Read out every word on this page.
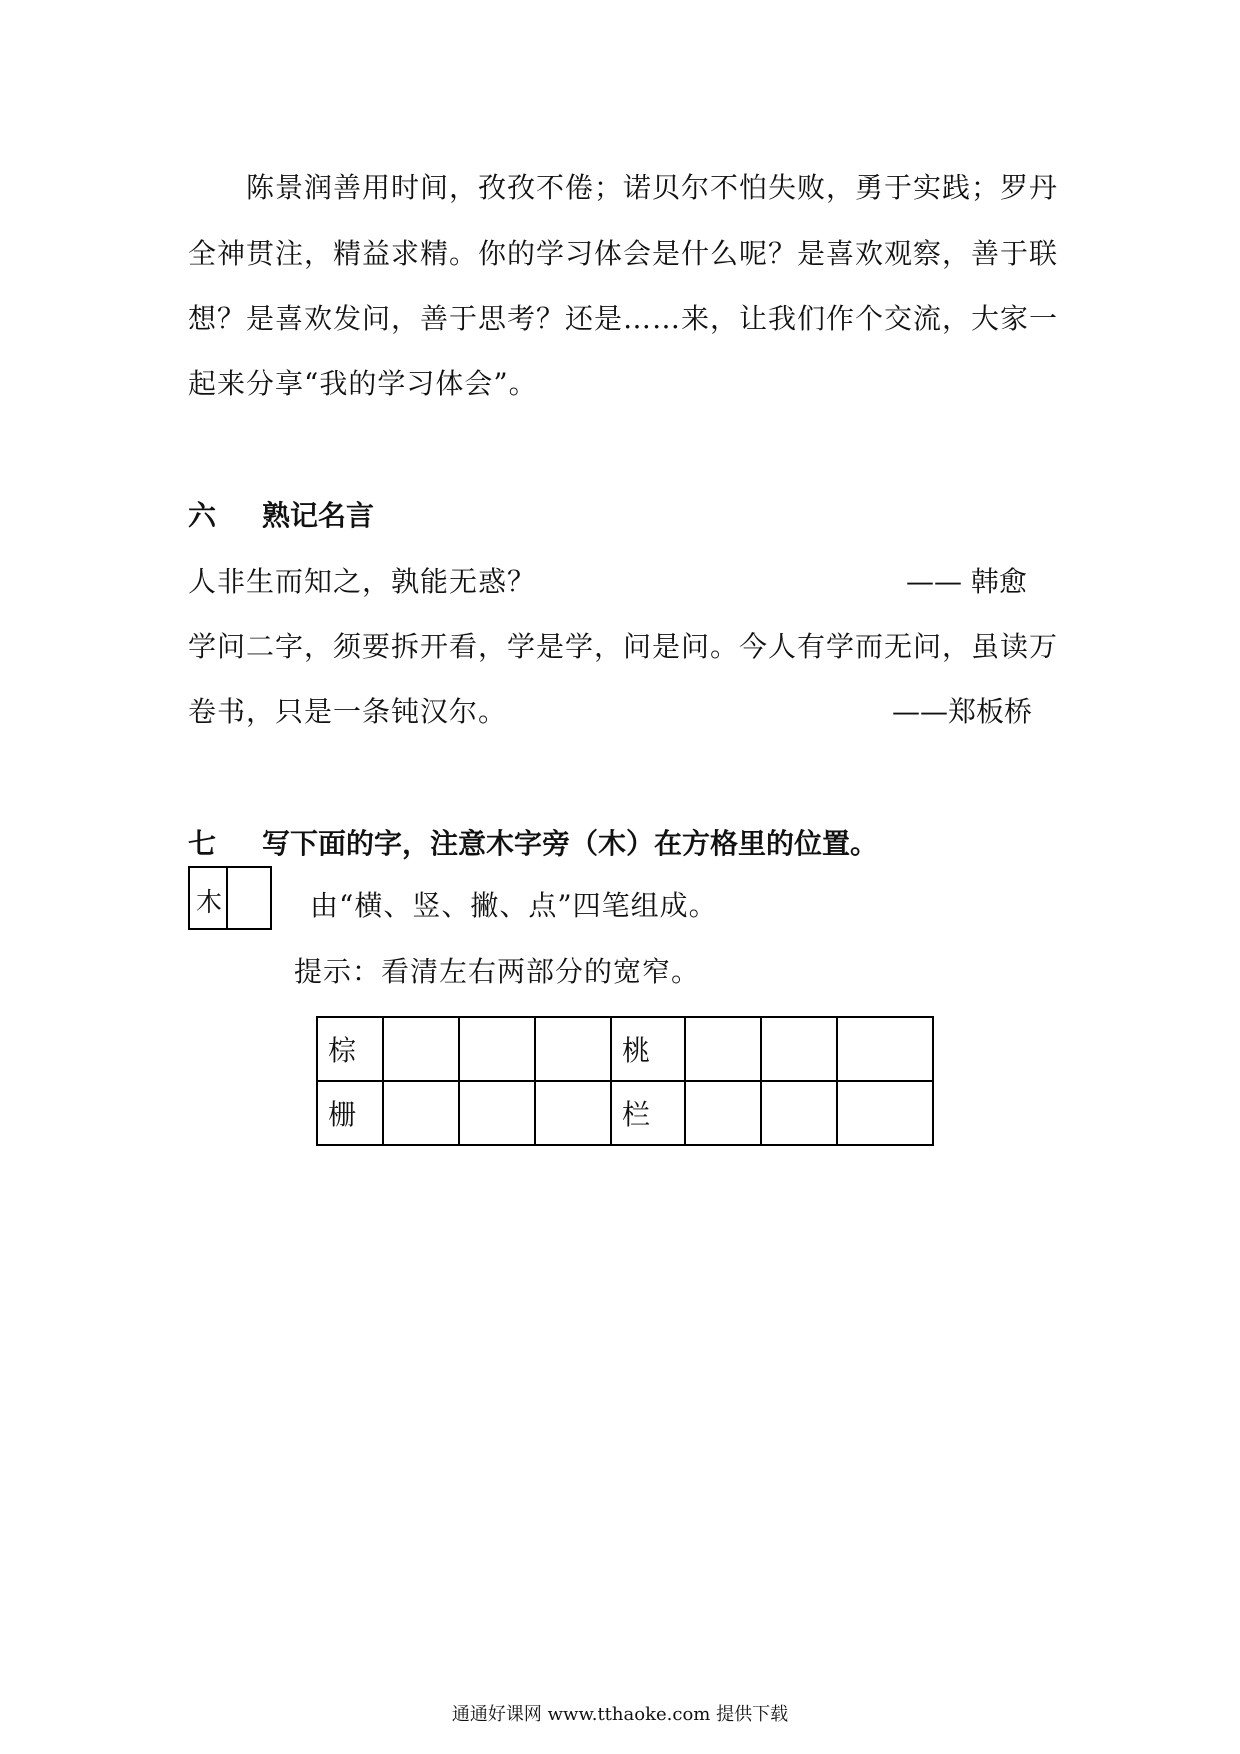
陈景润善用时间，孜孜不倦；诺贝尔不怕失败，勇于实践；罗丹
全神贯注，精益求精。你的学习体会是什么呢？是喜欢观察，善于联
想？是喜欢发问，善于思考？还是……来，让我们作个交流，大家一
起来分享“我的学习体会”。
六 熟记名言
人非生而知之，孰能无惑？	—— 韩愈
学问二字，须要拆开看，学是学，问是问。今人有学而无问，虽读万
卷书，只是一条钝汉尔。	——郑板桥
七 写下面的字，注意木字旁（木）在方格里的位置。
木	由“横、竖、撇、点”四笔组成。
提示：看清左右两部分的宽窄。
棕				桃			
栅				栏			
通通好课网 www.tthaoke.com 提供下载
